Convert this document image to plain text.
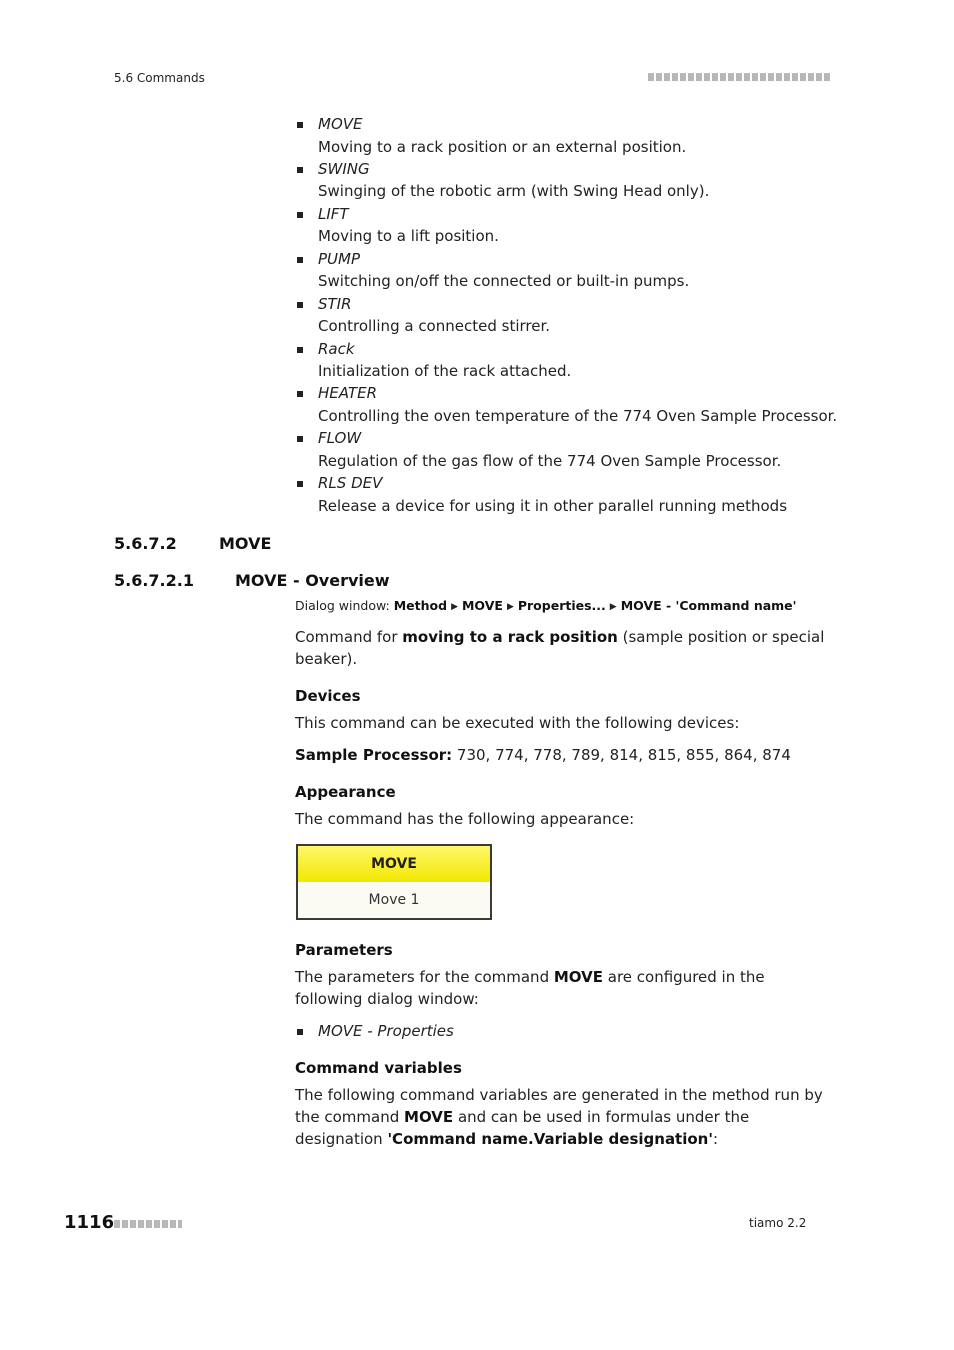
5.6 Commands
MOVE
Moving to a rack position or an external position.
SWING
Swinging of the robotic arm (with Swing Head only).
LIFT
Moving to a lift position.
PUMP
Switching on/off the connected or built-in pumps.
STIR
Controlling a connected stirrer.
Rack
Initialization of the rack attached.
HEATER
Controlling the oven temperature of the 774 Oven Sample Processor.
FLOW
Regulation of the gas flow of the 774 Oven Sample Processor.
RLS DEV
Release a device for using it in other parallel running methods
5.6.7.2	MOVE
5.6.7.2.1	MOVE - Overview
Dialog window: Method ▶ MOVE ▶ Properties... ▶ MOVE - 'Command name'
Command for moving to a rack position (sample position or special beaker).
Devices
This command can be executed with the following devices:
Sample Processor: 730, 774, 778, 789, 814, 815, 855, 864, 874
Appearance
The command has the following appearance:
MOVE
Move 1
Parameters
The parameters for the command MOVE are configured in the following dialog window:
MOVE - Properties
Command variables
The following command variables are generated in the method run by the command MOVE and can be used in formulas under the designation 'Command name.Variable designation':
1116	tiamo 2.2
